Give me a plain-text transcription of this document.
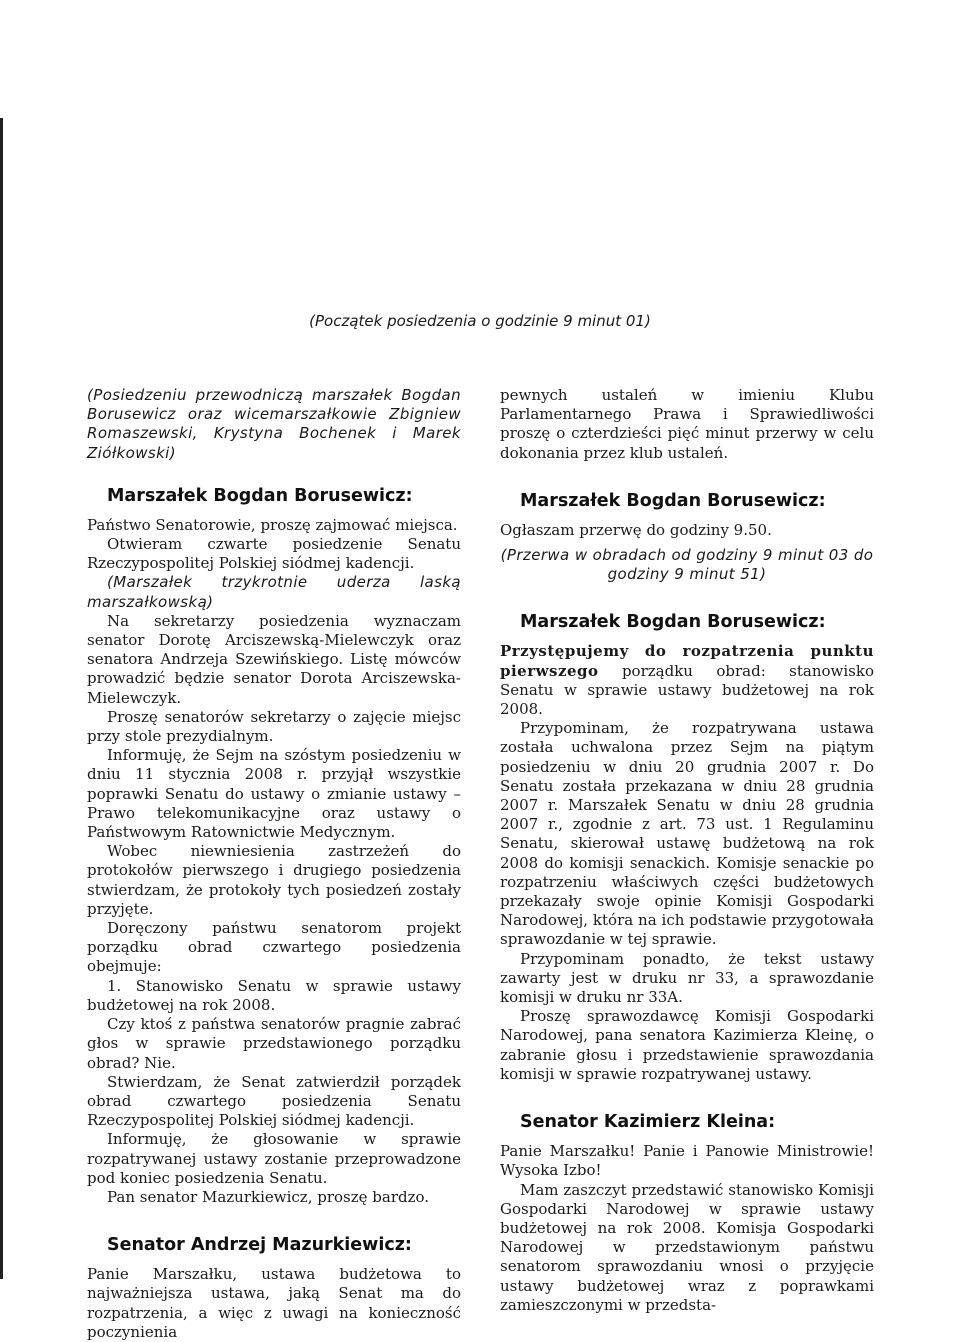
(Początek posiedzenia o godzinie 9 minut 01)

(Posiedzeniu przewodniczą marszałek Bogdan Borusewicz oraz wicemarszałkowie Zbigniew Romaszewski, Krystyna Bochenek i Marek Ziółkowski)

Marszałek Bogdan Borusewicz:

Państwo Senatorowie, proszę zajmować miejsca.

Otwieram czwarte posiedzenie Senatu Rzeczypospolitej Polskiej siódmej kadencji.

(Marszałek trzykrotnie uderza laską marszałkowską)

Na sekretarzy posiedzenia wyznaczam senator Dorotę Arciszewską-Mielewczyk oraz senatora Andrzeja Szewińskiego. Listę mówców prowadzić będzie senator Dorota Arciszewska-Mielewczyk.

Proszę senatorów sekretarzy o zajęcie miejsc przy stole prezydialnym.

Informuję, że Sejm na szóstym posiedzeniu w dniu 11 stycznia 2008 r. przyjął wszystkie poprawki Senatu do ustawy o zmianie ustawy – Prawo telekomunikacyjne oraz ustawy o Państwowym Ratownictwie Medycznym.

Wobec niewniesienia zastrzeżeń do protokołów pierwszego i drugiego posiedzenia stwierdzam, że protokoły tych posiedzeń zostały przyjęte.

Doręczony państwu senatorom projekt porządku obrad czwartego posiedzenia obejmuje:

1. Stanowisko Senatu w sprawie ustawy budżetowej na rok 2008.

Czy ktoś z państwa senatorów pragnie zabrać głos w sprawie przedstawionego porządku obrad? Nie.

Stwierdzam, że Senat zatwierdził porządek obrad czwartego posiedzenia Senatu Rzeczypospolitej Polskiej siódmej kadencji.

Informuję, że głosowanie w sprawie rozpatrywanej ustawy zostanie przeprowadzone pod koniec posiedzenia Senatu.

Pan senator Mazurkiewicz, proszę bardzo.

Senator Andrzej Mazurkiewicz:

Panie Marszałku, ustawa budżetowa to najważniejsza ustawa, jaką Senat ma do rozpatrzenia, a więc z uwagi na konieczność poczynienia

pewnych ustaleń w imieniu Klubu Parlamentarnego Prawa i Sprawiedliwości proszę o czterdzieści pięć minut przerwy w celu dokonania przez klub ustaleń.

Marszałek Bogdan Borusewicz:

Ogłaszam przerwę do godziny 9.50.

(Przerwa w obradach od godziny 9 minut 03 do godziny 9 minut 51)

Marszałek Bogdan Borusewicz:

Przystępujemy do rozpatrzenia punktu pierwszego porządku obrad: stanowisko Senatu w sprawie ustawy budżetowej na rok 2008.

Przypominam, że rozpatrywana ustawa została uchwalona przez Sejm na piątym posiedzeniu w dniu 20 grudnia 2007 r. Do Senatu została przekazana w dniu 28 grudnia 2007 r. Marszałek Senatu w dniu 28 grudnia 2007 r., zgodnie z art. 73 ust. 1 Regulaminu Senatu, skierował ustawę budżetową na rok 2008 do komisji senackich. Komisje senackie po rozpatrzeniu właściwych części budżetowych przekazały swoje opinie Komisji Gospodarki Narodowej, która na ich podstawie przygotowała sprawozdanie w tej sprawie.

Przypominam ponadto, że tekst ustawy zawarty jest w druku nr 33, a sprawozdanie komisji w druku nr 33A.

Proszę sprawozdawcę Komisji Gospodarki Narodowej, pana senatora Kazimierza Kleinę, o zabranie głosu i przedstawienie sprawozdania komisji w sprawie rozpatrywanej ustawy.

Senator Kazimierz Kleina:

Panie Marszałku! Panie i Panowie Ministrowie! Wysoka Izbo!

Mam zaszczyt przedstawić stanowisko Komisji Gospodarki Narodowej w sprawie ustawy budżetowej na rok 2008. Komisja Gospodarki Narodowej w przedstawionym państwu senatorom sprawozdaniu wnosi o przyjęcie ustawy budżetowej wraz z poprawkami zamieszczonymi w przedsta-
